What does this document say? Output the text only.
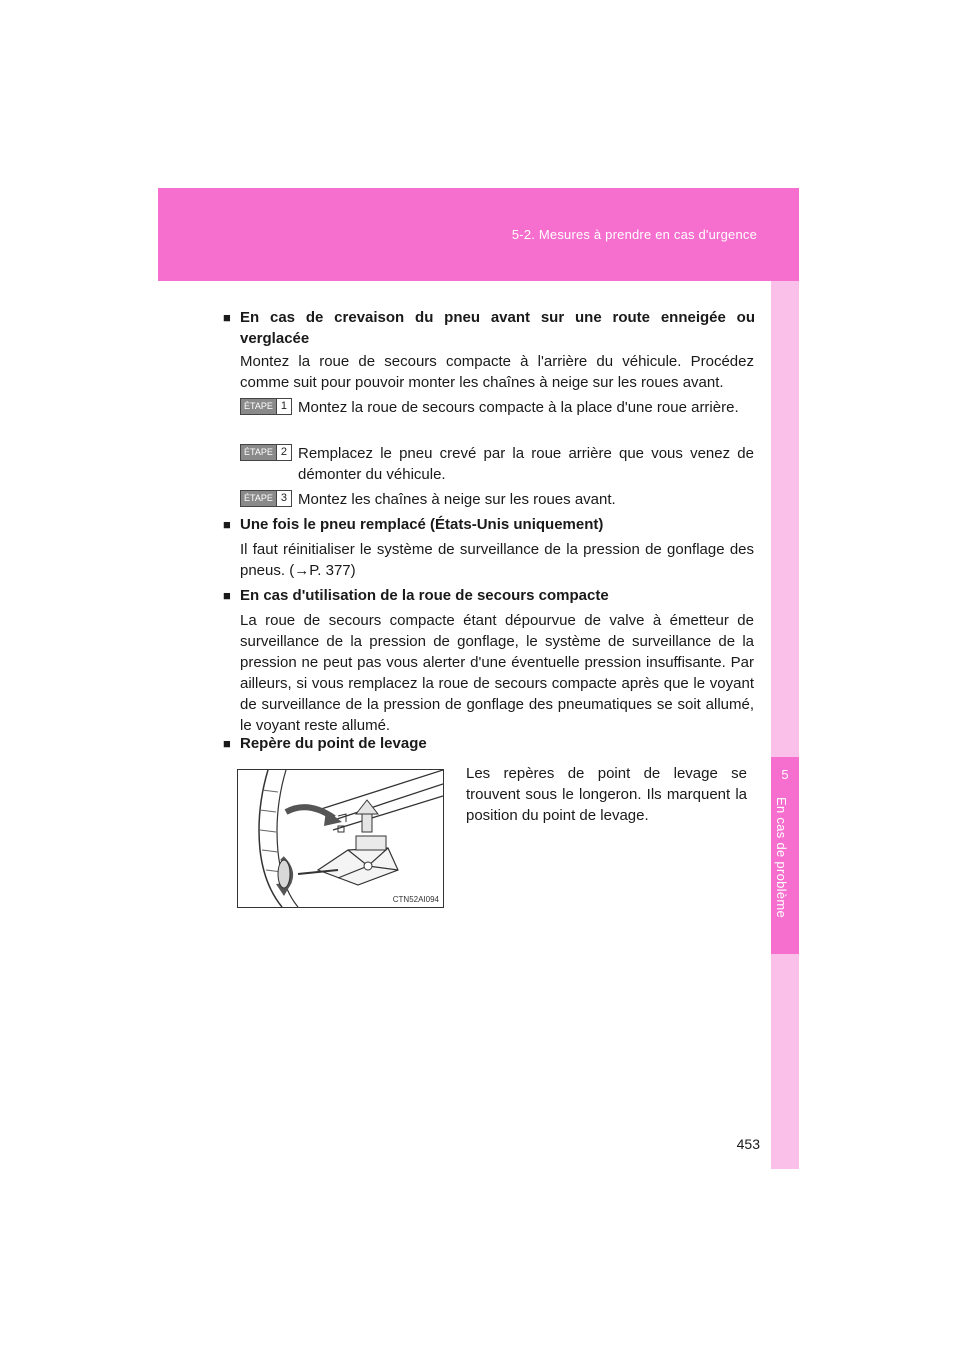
5-2. Mesures à prendre en cas d'urgence
5
En cas de problème
■ En cas de crevaison du pneu avant sur une route enneigée ou verglacée
Montez la roue de secours compacte à l'arrière du véhicule. Procédez comme suit pour pouvoir monter les chaînes à neige sur les roues avant.
ÉTAPE 1 Montez la roue de secours compacte à la place d'une roue arrière.
ÉTAPE 2 Remplacez le pneu crevé par la roue arrière que vous venez de démonter du véhicule.
ÉTAPE 3 Montez les chaînes à neige sur les roues avant.
■ Une fois le pneu remplacé (États-Unis uniquement)
Il faut réinitialiser le système de surveillance de la pression de gonflage des pneus. (→P. 377)
■ En cas d'utilisation de la roue de secours compacte
La roue de secours compacte étant dépourvue de valve à émetteur de surveillance de la pression de gonflage, le système de surveillance de la pression ne peut pas vous alerter d'une éventuelle pression insuffisante. Par ailleurs, si vous remplacez la roue de secours compacte après que le voyant de surveillance de la pression de gonflage des pneumatiques se soit allumé, le voyant reste allumé.
■ Repère du point de levage
CTN52AI094
Les repères de point de levage se trouvent sous le longeron. Ils marquent la position du point de levage.
453
